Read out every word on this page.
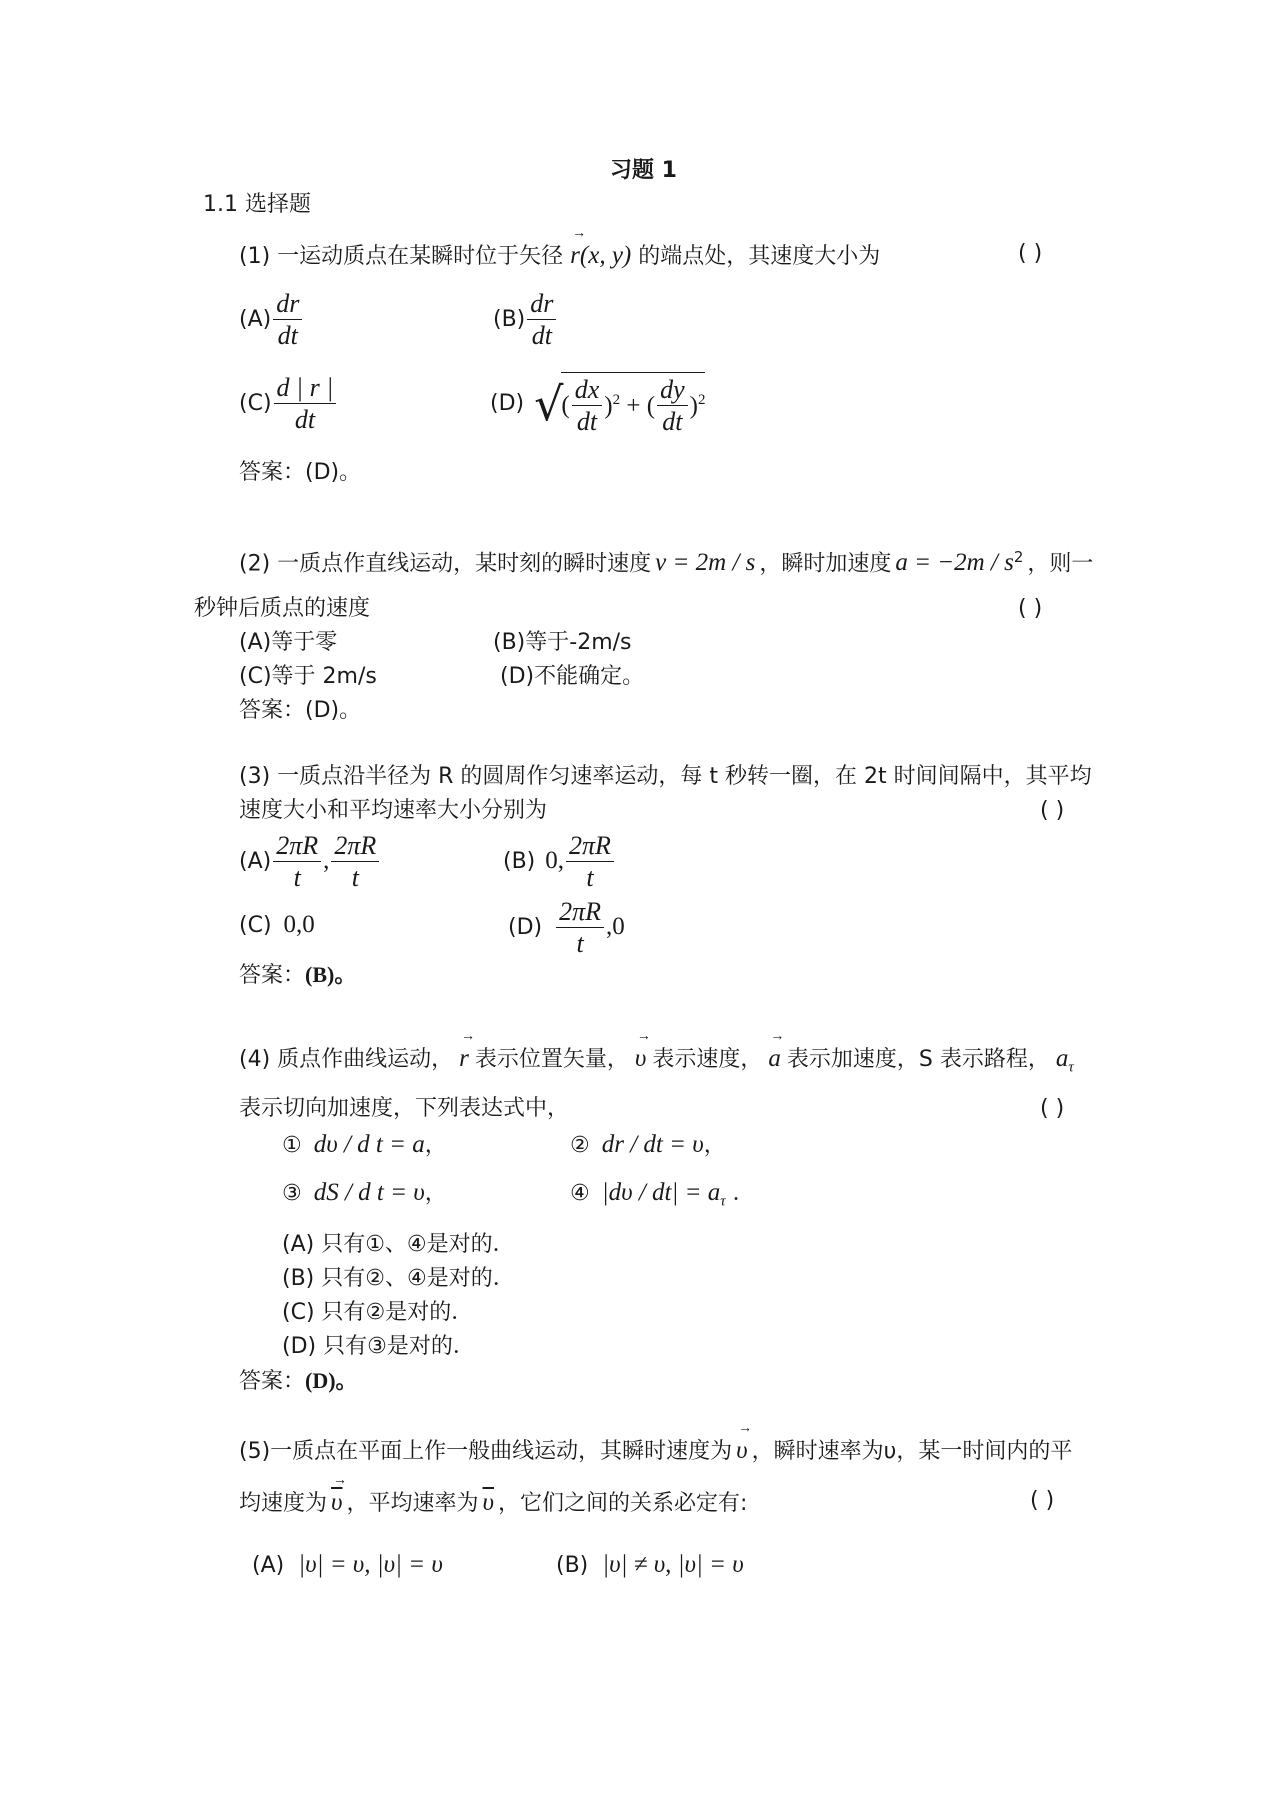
习题 1
1.1 选择题
(1) 一运动质点在某瞬时位于矢径 → r(x, y) 的端点处，其速度大小为	( )
$(A) \frac{dr}{dt}$	$(B) \frac{dr}{dt}$
$(C) \frac{d | r |}{dt}$	(D) √
( $\frac{dx}{dt} )^2$ + ( $\frac{dy}{dt} )^2$
答案：(D)。
(2) 一质点作直线运动，某时刻的瞬时速度 v = 2m / s ，瞬时加速度 $a = -2m / s^2$ ，则一
秒钟后质点的速度	( )
(A)等于零	(B)等于-2m/s
(C)等于 2m/s	(D)不能确定。
答案：(D)。
(3) 一质点沿半径为 R 的圆周作匀速率运动，每 t 秒转一圈，在 2t 时间间隔中，其平均
速度大小和平均速率大小分别为	( )
$(A) \frac{2\pi R}{t}$ , $\frac{2\pi R}{t}$	(B) 0, $\frac{2\pi R}{t}$
(C) 0,0	$(D) \frac{2\pi R}{t} ,0$
答案：(B)。
(4) 质点作曲线运动， → r 表示位置矢量， → υ 表示速度， → a 表示加速度，S 表示路程， $a_\tau$
表示切向加速度，下列表达式中，	( )
① dυ / d t = a，	② dr / dt = υ，
③ dS / d t = υ，	④ $|d\upsilon / dt| = a_\tau$ ．
(A) 只有①、④是对的．
(B) 只有②、④是对的．
(C) 只有②是对的．
(D) 只有③是对的．
答案：(D)。
(5)一质点在平面上作一般曲线运动，其瞬时速度为 → υ ，瞬时速率为υ，某一时间内的平
均速度为 → $\overline{\upsilon}$ ，平均速率为 $\overline{\upsilon}$ ，它们之间的关系必定有:	( )
(A) |υ| = υ, |υ| = υ	(B) |υ| ≠ υ, |υ| = υ
